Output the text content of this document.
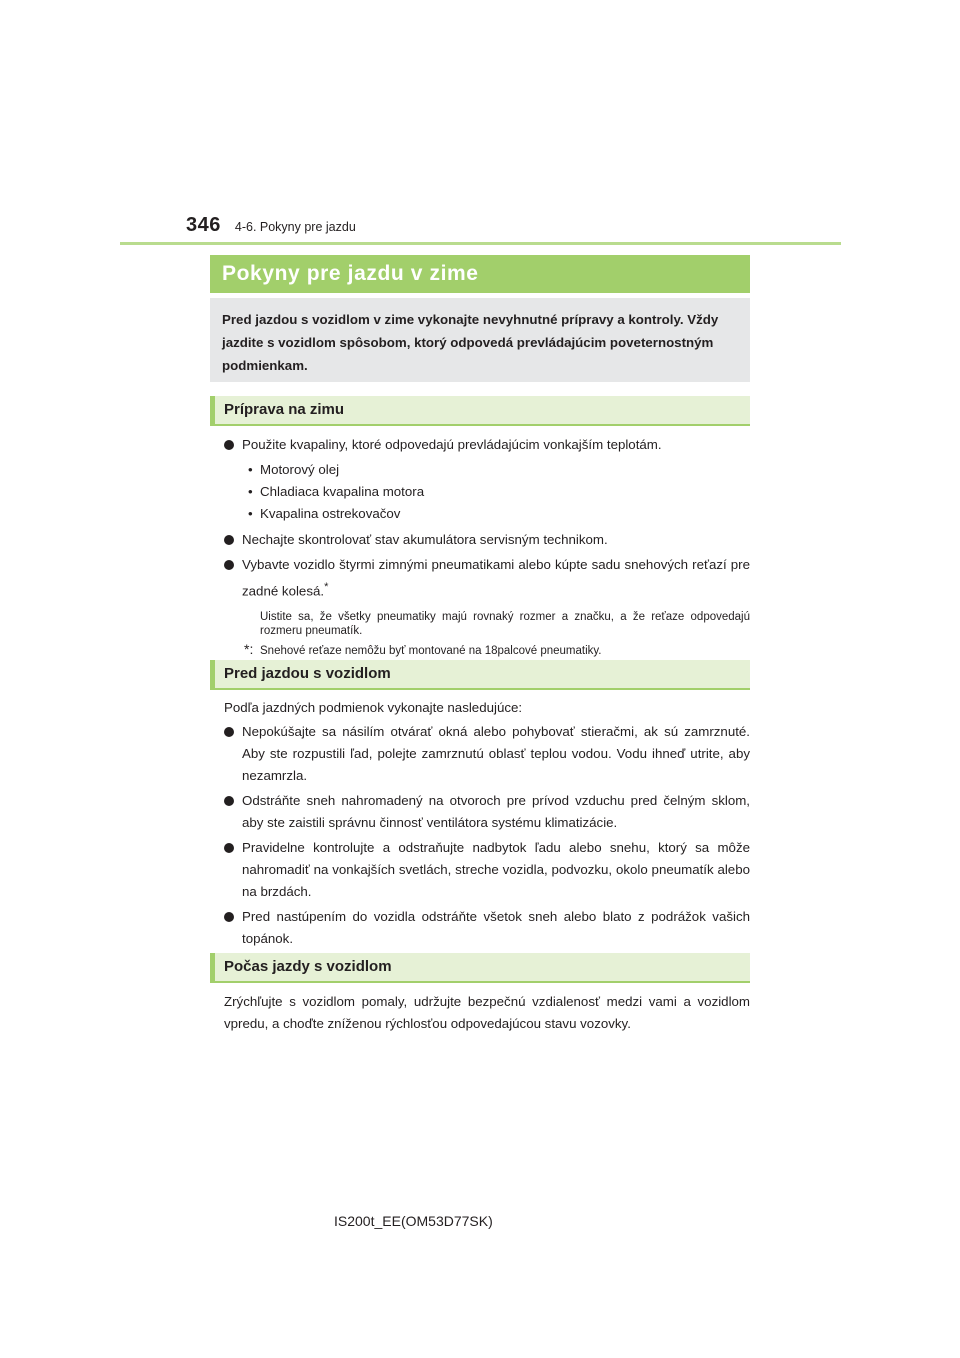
346 4-6. Pokyny pre jazdu
Pokyny pre jazdu v zime
Pred jazdou s vozidlom v zime vykonajte nevyhnutné prípravy a kontroly. Vždy jazdite s vozidlom spôsobom, ktorý odpovedá prevládajúcim poveternostným podmienkam.
Príprava na zimu
Použite kvapaliny, ktoré odpovedajú prevládajúcim vonkajším teplotám.
• Motorový olej
• Chladiaca kvapalina motora
• Kvapalina ostrekovačov
Nechajte skontrolovať stav akumulátora servisným technikom.
Vybavte vozidlo štyrmi zimnými pneumatikami alebo kúpte sadu snehových reťazí pre zadné kolesá.*
Uistite sa, že všetky pneumatiky majú rovnaký rozmer a značku, a že reťaze odpovedajú rozmeru pneumatík.
*: Snehové reťaze nemôžu byť montované na 18palcové pneumatiky.
Pred jazdou s vozidlom
Podľa jazdných podmienok vykonajte nasledujúce:
Nepokúšajte sa násilím otvárať okná alebo pohybovať stieračmi, ak sú zamrznuté. Aby ste rozpustili ľad, polejte zamrznutú oblasť teplou vodou. Vodu ihneď utrite, aby nezamrzla.
Odstráňte sneh nahromadený na otvoroch pre prívod vzduchu pred čelným sklom, aby ste zaistili správnu činnosť ventilátora systému klimatizácie.
Pravidelne kontrolujte a odstraňujte nadbytok ľadu alebo snehu, ktorý sa môže nahromadiť na vonkajších svetlách, streche vozidla, podvozku, okolo pneumatík alebo na brzdách.
Pred nastúpením do vozidla odstráňte všetok sneh alebo blato z podrážok vašich topánok.
Počas jazdy s vozidlom
Zrýchľujte s vozidlom pomaly, udržujte bezpečnú vzdialenosť medzi vami a vozidlom vpredu, a choďte zníženou rýchlosťou odpovedajúcou stavu vozovky.
IS200t_EE(OM53D77SK)
